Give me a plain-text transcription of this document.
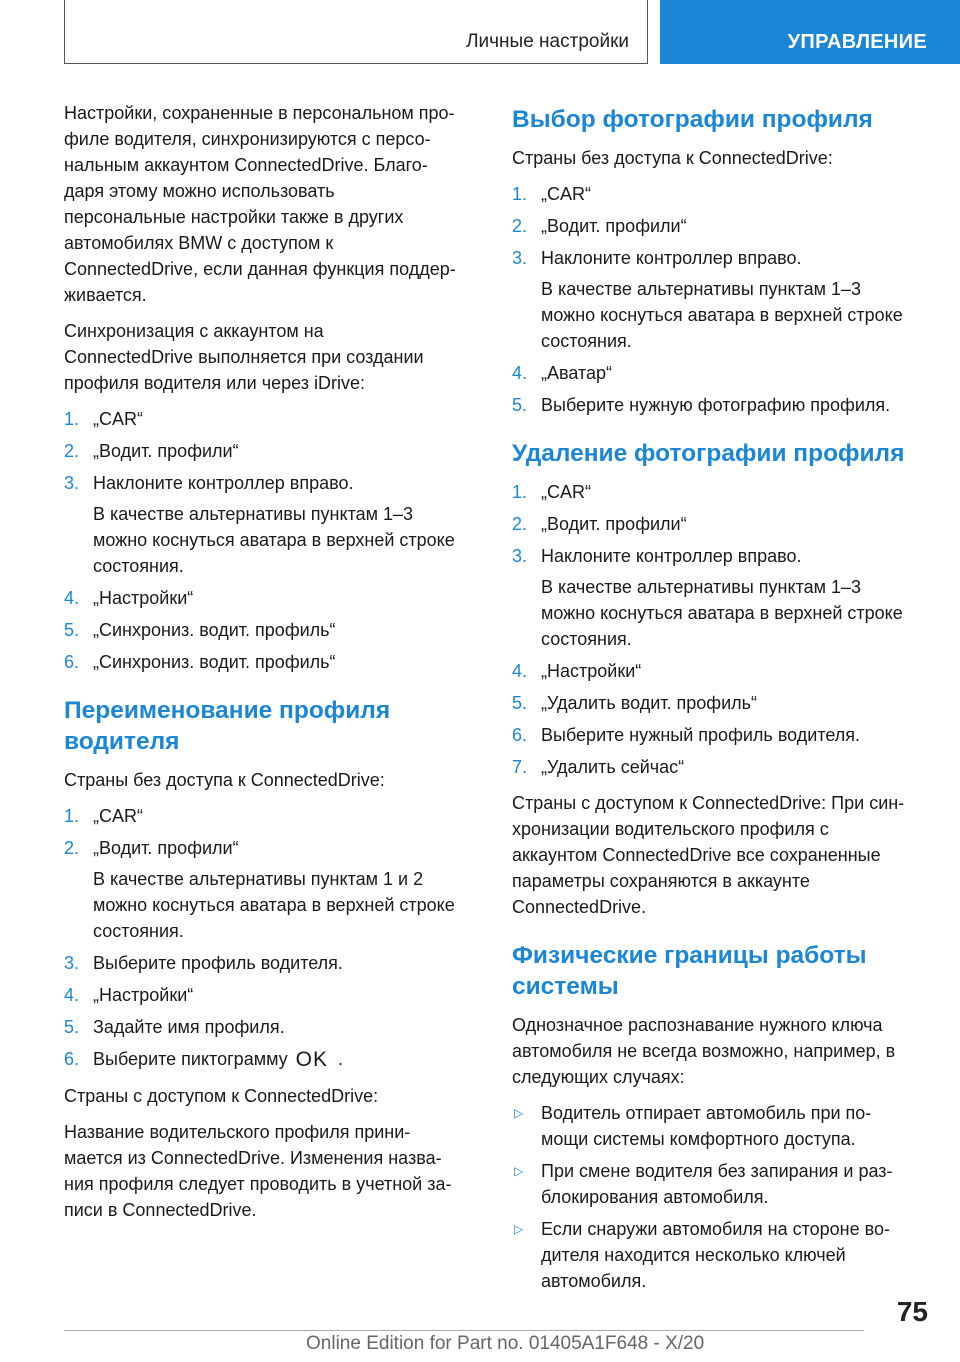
Личные настройки	УПРАВЛЕНИЕ

Настройки, сохраненные в персональном про-
филе водителя, синхронизируются с персо-
нальным аккаунтом ConnectedDrive. Благо-
даря этому можно использовать
персональные настройки также в других
автомобилях BMW с доступом к
ConnectedDrive, если данная функция поддер-
живается.

Синхронизация с аккаунтом на
ConnectedDrive выполняется при создании
профиля водителя или через iDrive:

1. „CAR“
2. „Водит. профили“
3. Наклоните контроллер вправо.
В качестве альтернативы пунктам 1–3
можно коснуться аватара в верхней строке
состояния.
4. „Настройки“
5. „Синхрониз. водит. профиль“
6. „Синхрониз. водит. профиль“
Переименование профиля
водителя

Страны без доступа к ConnectedDrive:

1. „CAR“
2. „Водит. профили“
В качестве альтернативы пунктам 1 и 2
можно коснуться аватара в верхней строке
состояния.
3. Выберите профиль водителя.
4. „Настройки“
5. Задайте имя профиля.
6. Выберите пиктограмму OK .

Страны с доступом к ConnectedDrive:

Название водительского профиля прини-
мается из ConnectedDrive. Изменения назва-
ния профиля следует проводить в учетной за-
писи в ConnectedDrive.

Выбор фотографии профиля

Страны без доступа к ConnectedDrive:

1. „CAR“
2. „Водит. профили“
3. Наклоните контроллер вправо.
В качестве альтернативы пунктам 1–3
можно коснуться аватара в верхней строке
состояния.
4. „Аватар“
5. Выберите нужную фотографию профиля.
Удаление фотографии профиля
1. „CAR“
2. „Водит. профили“
3. Наклоните контроллер вправо.
В качестве альтернативы пунктам 1–3
можно коснуться аватара в верхней строке
состояния.
4. „Настройки“
5. „Удалить водит. профиль“
6. Выберите нужный профиль водителя.
7. „Удалить сейчас“

Страны с доступом к ConnectedDrive: При син-
хронизации водительского профиля с
аккаунтом ConnectedDrive все сохраненные
параметры сохраняются в аккаунте
ConnectedDrive.

Физические границы работы
системы

Однозначное распознавание нужного ключа
автомобиля не всегда возможно, например, в
следующих случаях:

▷ Водитель отпирает автомобиль при по-
мощи системы комфортного доступа.
▷ При смене водителя без запирания и раз-
блокирования автомобиля.
▷ Если снаружи автомобиля на стороне во-
дителя находится несколько ключей
автомобиля.
75
Online Edition for Part no. 01405A1F648 - X/20
